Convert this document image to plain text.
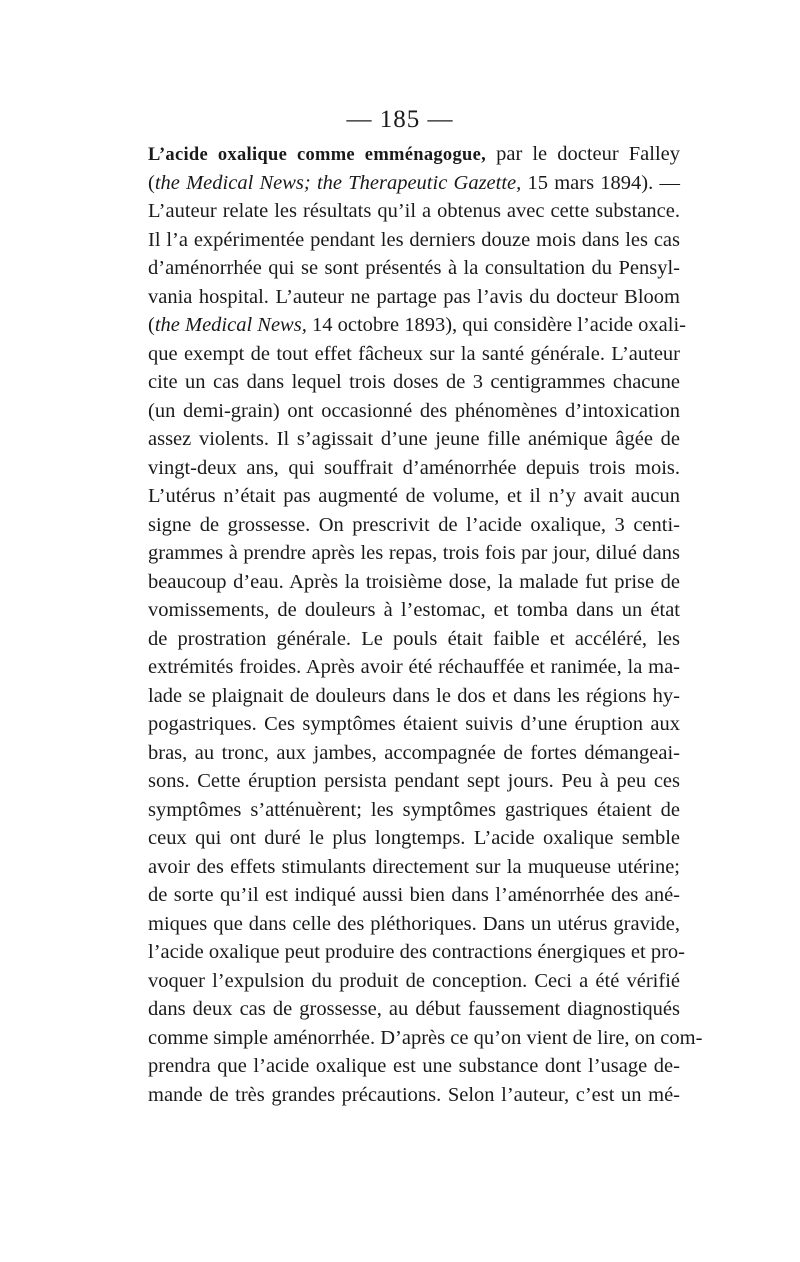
— 185 —
L’acide oxalique comme emménagogue, par le docteur Falley
(the Medical News; the Therapeutic Gazette, 15 mars 1894). —
L’auteur relate les résultats qu’il a obtenus avec cette substance.
Il l’a expérimentée pendant les derniers douze mois dans les cas
d’aménorrhée qui se sont présentés à la consultation du Pensyl-
vania hospital. L’auteur ne partage pas l’avis du docteur Bloom
(the Medical News, 14 octobre 1893), qui considère l’acide oxali-
que exempt de tout effet fâcheux sur la santé générale. L’auteur
cite un cas dans lequel trois doses de 3 centigrammes chacune
(un demi-grain) ont occasionné des phénomènes d’intoxication
assez violents. Il s’agissait d’une jeune fille anémique âgée de
vingt-deux ans, qui souffrait d’aménorrhée depuis trois mois.
L’utérus n’était pas augmenté de volume, et il n’y avait aucun
signe de grossesse. On prescrivit de l’acide oxalique, 3 centi-
grammes à prendre après les repas, trois fois par jour, dilué dans
beaucoup d’eau. Après la troisième dose, la malade fut prise de
vomissements, de douleurs à l’estomac, et tomba dans un état
de prostration générale. Le pouls était faible et accéléré, les
extrémités froides. Après avoir été réchauffée et ranimée, la ma-
lade se plaignait de douleurs dans le dos et dans les régions hy-
pogastriques. Ces symptômes étaient suivis d’une éruption aux
bras, au tronc, aux jambes, accompagnée de fortes démangeai-
sons. Cette éruption persista pendant sept jours. Peu à peu ces
symptômes s’atténuèrent; les symptômes gastriques étaient de
ceux qui ont duré le plus longtemps. L’acide oxalique semble
avoir des effets stimulants directement sur la muqueuse utérine;
de sorte qu’il est indiqué aussi bien dans l’aménorrhée des ané-
miques que dans celle des pléthoriques. Dans un utérus gravide,
l’acide oxalique peut produire des contractions énergiques et pro-
voquer l’expulsion du produit de conception. Ceci a été vérifié
dans deux cas de grossesse, au début faussement diagnostiqués
comme simple aménorrhée. D’après ce qu’on vient de lire, on com-
prendra que l’acide oxalique est une substance dont l’usage de-
mande de très grandes précautions. Selon l’auteur, c’est un mé-
